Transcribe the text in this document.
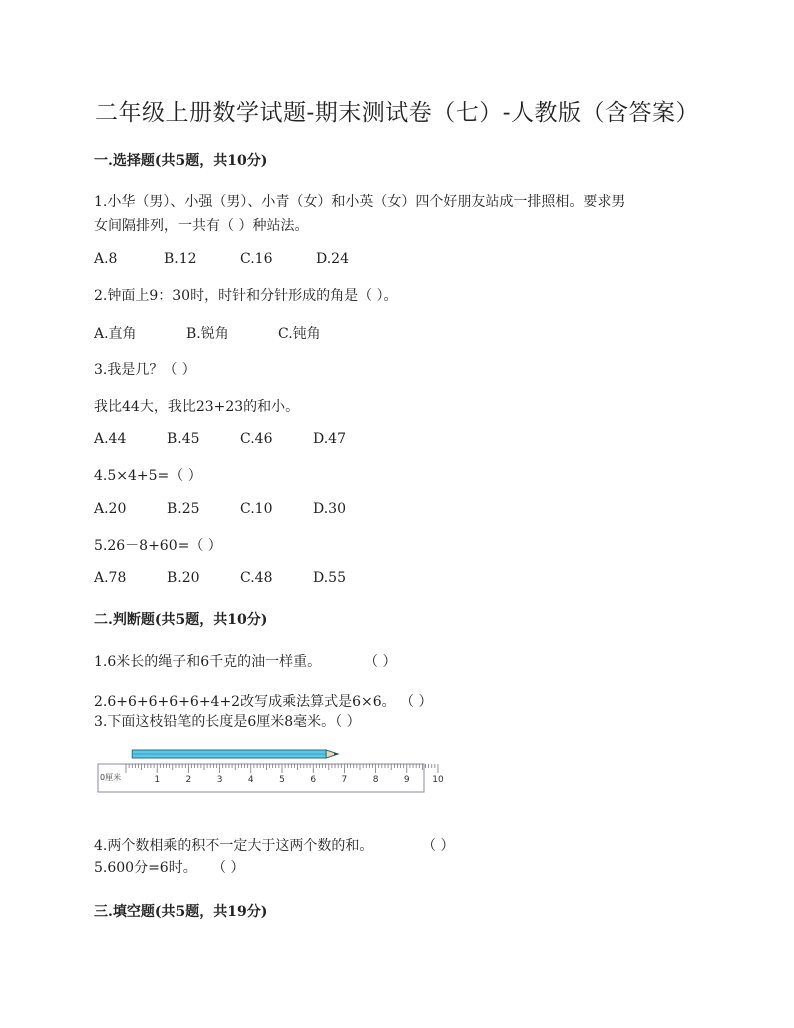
二年级上册数学试题-期末测试卷（七）-人教版（含答案）
一.选择题(共5题，共10分)
1.小华（男）、小强（男）、小青（女）和小英（女）四个好朋友站成一排照相。要求男
女间隔排列，一共有（ ）种站法。
A.8	B.12	C.16	D.24
2.钟面上9：30时，时针和分针形成的角是（ ）。
A.直角	B.锐角	C.钝角
3.我是几？（ ）
我比44大，我比23+23的和小。
A.44	B.45	C.46	D.47
4.5×4+5=（ ）
A.20	B.25	C.10	D.30
5.26－8+60=（ ）
A.78	B.20	C.48	D.55
二.判断题(共5题，共10分)
1.6米长的绳子和6千克的油一样重。	（ ）
2.6+6+6+6+6+4+2改写成乘法算式是6×6。 （ ）
3.下面这枝铅笔的长度是6厘米8毫米。（ ）
0厘米	1	2	3	4	5	6	7	8	9	10
4.两个数相乘的积不一定大于这两个数的和。	（ ）
5.600分=6时。 （ ）
三.填空题(共5题，共19分)
